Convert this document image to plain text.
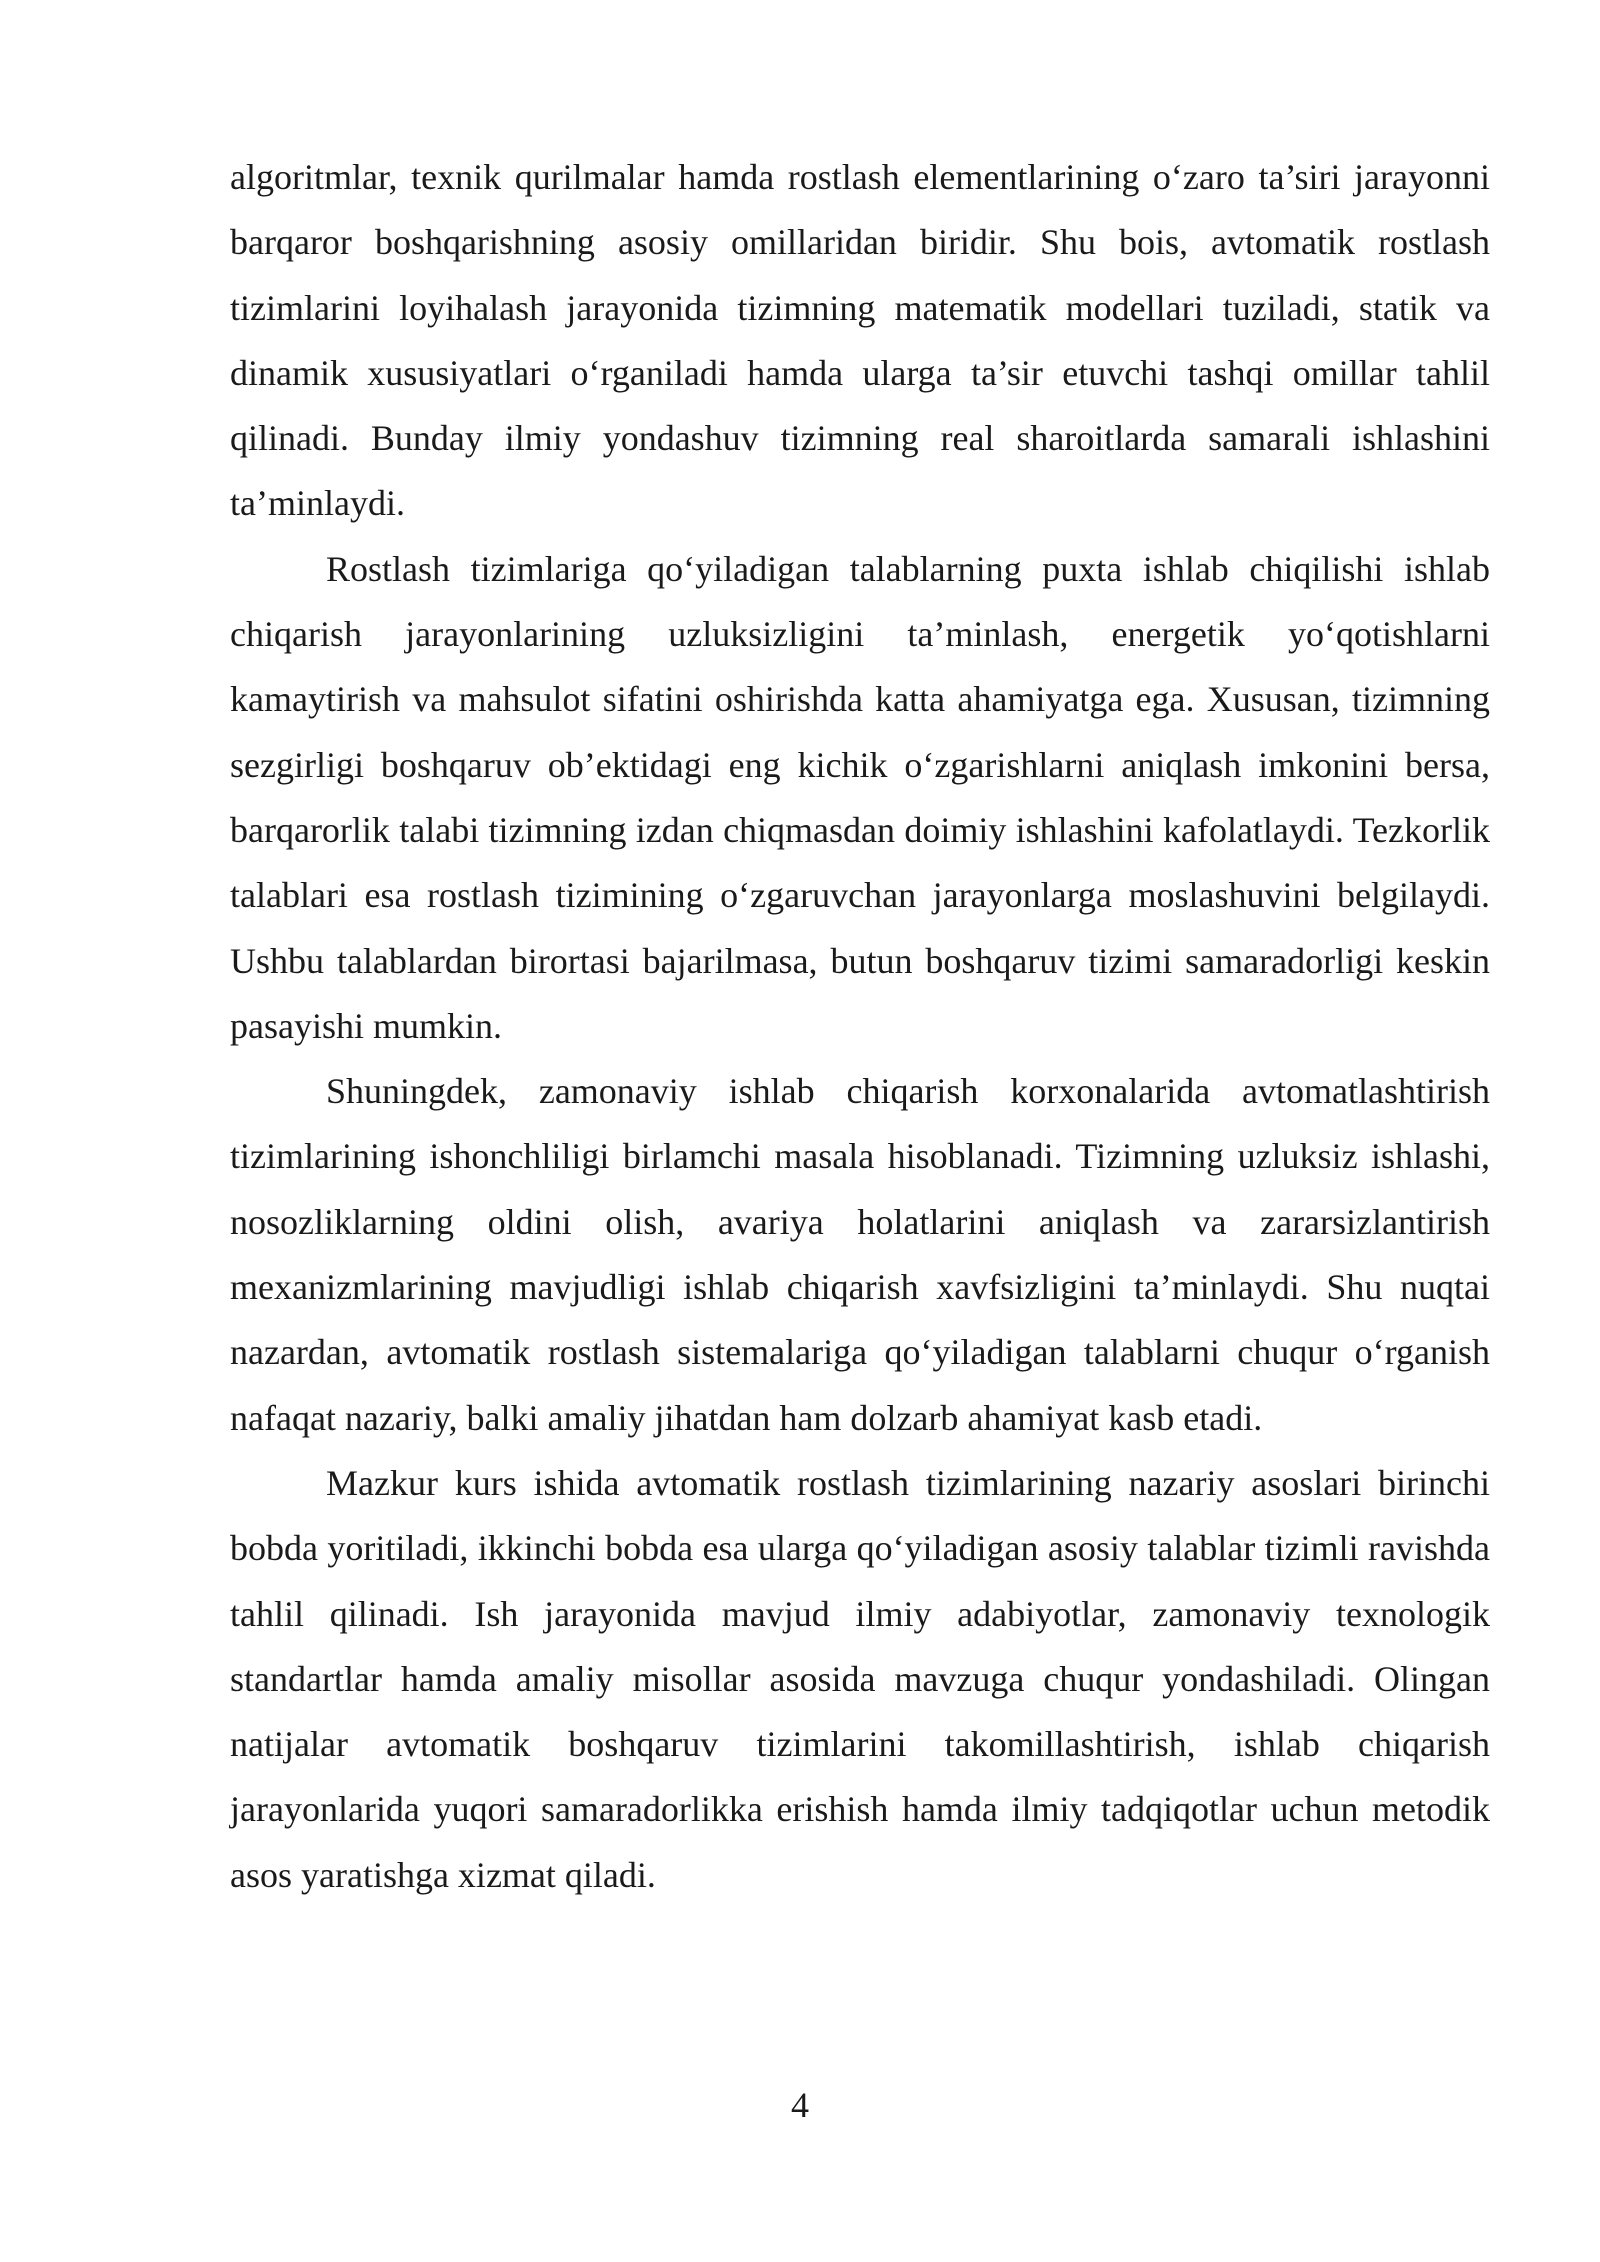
algoritmlar, texnik qurilmalar hamda rostlash elementlarining o‘zaro ta’siri jarayonni barqaror boshqarishning asosiy omillaridan biridir. Shu bois, avtomatik rostlash tizimlarini loyihalash jarayonida tizimning matematik modellari tuziladi, statik va dinamik xususiyatlari o‘rganiladi hamda ularga ta’sir etuvchi tashqi omillar tahlil qilinadi. Bunday ilmiy yondashuv tizimning real sharoitlarda samarali ishlashini ta’minlaydi.

Rostlash tizimlariga qo‘yiladigan talablarning puxta ishlab chiqilishi ishlab chiqarish jarayonlarining uzluksizligini ta’minlash, energetik yo‘qotishlarni kamaytirish va mahsulot sifatini oshirishda katta ahamiyatga ega. Xususan, tizimning sezgirligi boshqaruv ob’ektidagi eng kichik o‘zgarishlarni aniqlash imkonini bersa, barqarorlik talabi tizimning izdan chiqmasdan doimiy ishlashini kafolatlaydi. Tezkorlik talablari esa rostlash tizimining o‘zgaruvchan jarayonlarga moslashuvini belgilaydi. Ushbu talablardan birortasi bajarilmasa, butun boshqaruv tizimi samaradorligi keskin pasayishi mumkin.

Shuningdek, zamonaviy ishlab chiqarish korxonalarida avtomatlashtirish tizimlarining ishonchliligi birlamchi masala hisoblanadi. Tizimning uzluksiz ishlashi, nosozliklarning oldini olish, avariya holatlarini aniqlash va zararsizlantirish mexanizmlarining mavjudligi ishlab chiqarish xavfsizligini ta’minlaydi. Shu nuqtai nazardan, avtomatik rostlash sistemalariga qo‘yiladigan talablarni chuqur o‘rganish nafaqat nazariy, balki amaliy jihatdan ham dolzarb ahamiyat kasb etadi.

Mazkur kurs ishida avtomatik rostlash tizimlarining nazariy asoslari birinchi bobda yoritiladi, ikkinchi bobda esa ularga qo‘yiladigan asosiy talablar tizimli ravishda tahlil qilinadi. Ish jarayonida mavjud ilmiy adabiyotlar, zamonaviy texnologik standartlar hamda amaliy misollar asosida mavzuga chuqur yondashiladi. Olingan natijalar avtomatik boshqaruv tizimlarini takomillashtirish, ishlab chiqarish jarayonlarida yuqori samaradorlikka erishish hamda ilmiy tadqiqotlar uchun metodik asos yaratishga xizmat qiladi.

4
